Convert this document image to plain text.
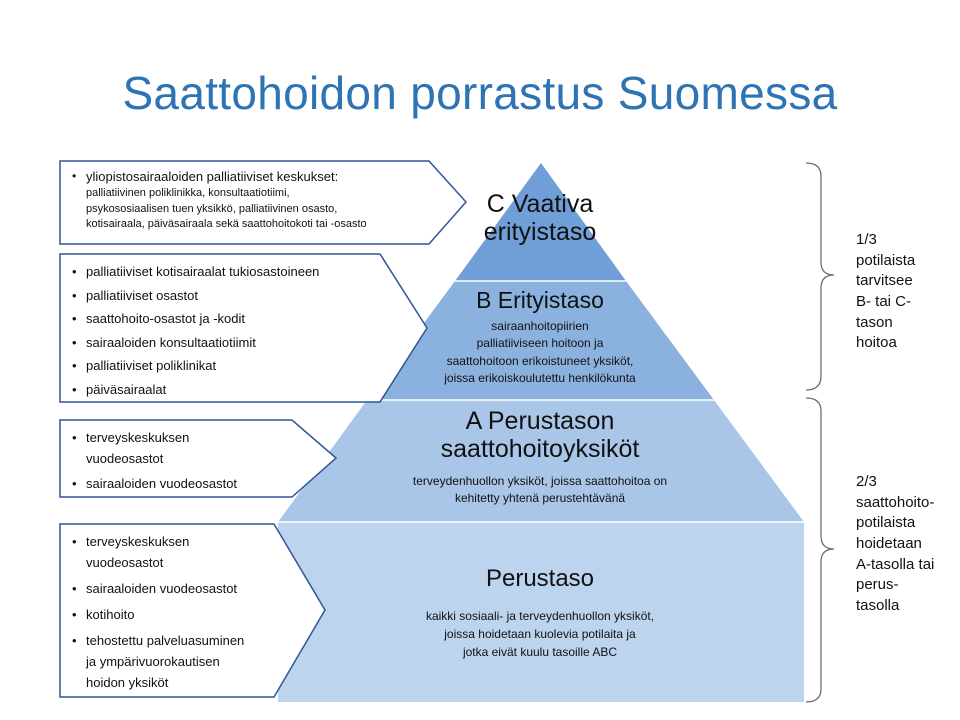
Saattohoidon porrastus Suomessa
C Vaativa
erityistaso
B Erityistaso
sairaanhoitopiirien
palliatiiviseen hoitoon ja
saattohoitoon erikoistuneet yksiköt,
joissa erikoiskoulutettu henkilökunta
A Perustason
saattohoitoyksiköt
terveydenhuollon yksiköt, joissa saattohoitoa on
kehitetty yhtenä perustehtävänä
Perustaso
kaikki sosiaali- ja terveydenhuollon yksiköt,
joissa hoidetaan kuolevia potilaita ja
jotka eivät kuulu tasoille ABC
• yliopistosairaaloiden palliatiiviset keskukset:
palliatiivinen poliklinikka, konsultaatiotiimi,
psykososiaalisen tuen yksikkö, palliatiivinen osasto,
kotisairaala, päiväsairaala sekä saattohoitokoti tai -osasto
• palliatiiviset kotisairaalat tukiosastoineen
• palliatiiviset osastot
• saattohoito-osastot ja -kodit
• sairaaloiden konsultaatiotiimit
• palliatiiviset poliklinikat
• päiväsairaalat
• terveyskeskuksen
vuodeosastot
• sairaaloiden vuodeosastot
• terveyskeskuksen
vuodeosastot
• sairaaloiden vuodeosastot
• kotihoito
• tehostettu palveluasuminen
ja ympärivuorokautisen
hoidon yksiköt
1/3
potilaista
tarvitsee
B- tai C-
tason
hoitoa
2/3
saattohoito-
potilaista
hoidetaan
A-tasolla tai
perus-
tasolla
